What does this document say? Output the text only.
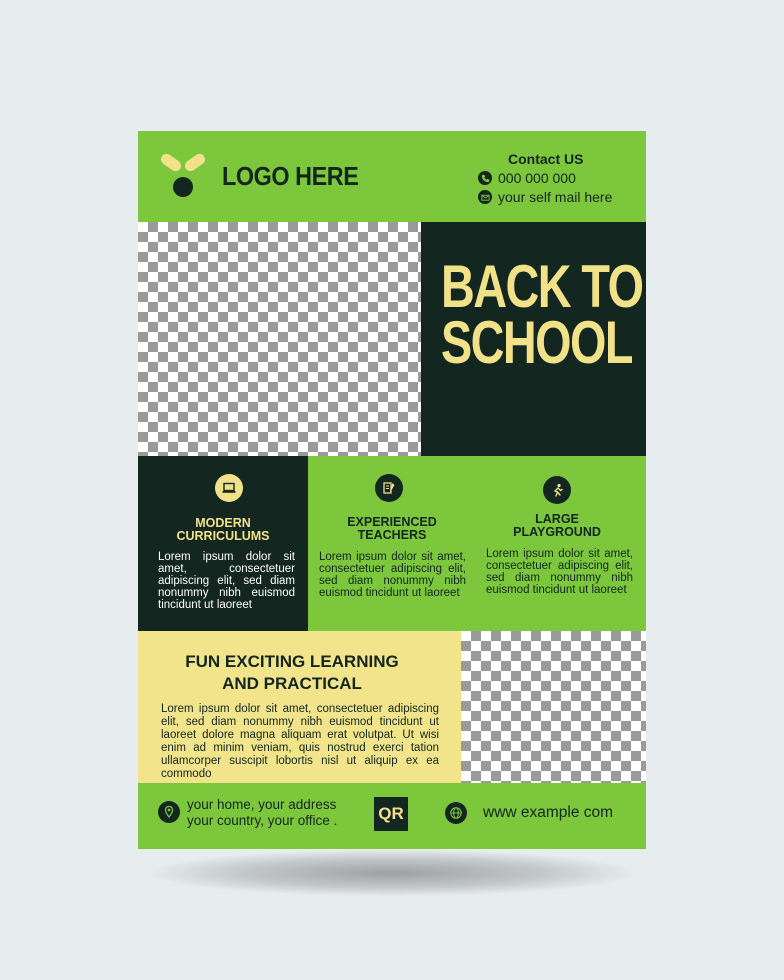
LOGO HERE
Contact US
000 000 000
your self mail here
BACK TO
SCHOOL
MODERN
CURRICULUMS
Lorem ipsum dolor sit amet, consectetuer adipiscing elit, sed diam nonummy nibh euismod tincidunt ut laoreet
EXPERIENCED
TEACHERS
Lorem ipsum dolor sit amet, consectetuer adipiscing elit, sed diam nonummy nibh euismod tincidunt ut laoreet
LARGE
PLAYGROUND
Lorem ipsum dolor sit amet, consectetuer adipiscing elit, sed diam nonummy nibh euismod tincidunt ut laoreet
FUN EXCITING LEARNING
AND PRACTICAL
Lorem ipsum dolor sit amet, consectetuer adipiscing elit, sed diam nonummy nibh euismod tincidunt ut laoreet dolore magna aliquam erat volutpat. Ut wisi enim ad minim veniam, quis nostrud exerci tation ullamcorper suscipit lobortis nisl ut aliquip ex ea commodo
your home, your address
your country, your office .	QR	www example com
